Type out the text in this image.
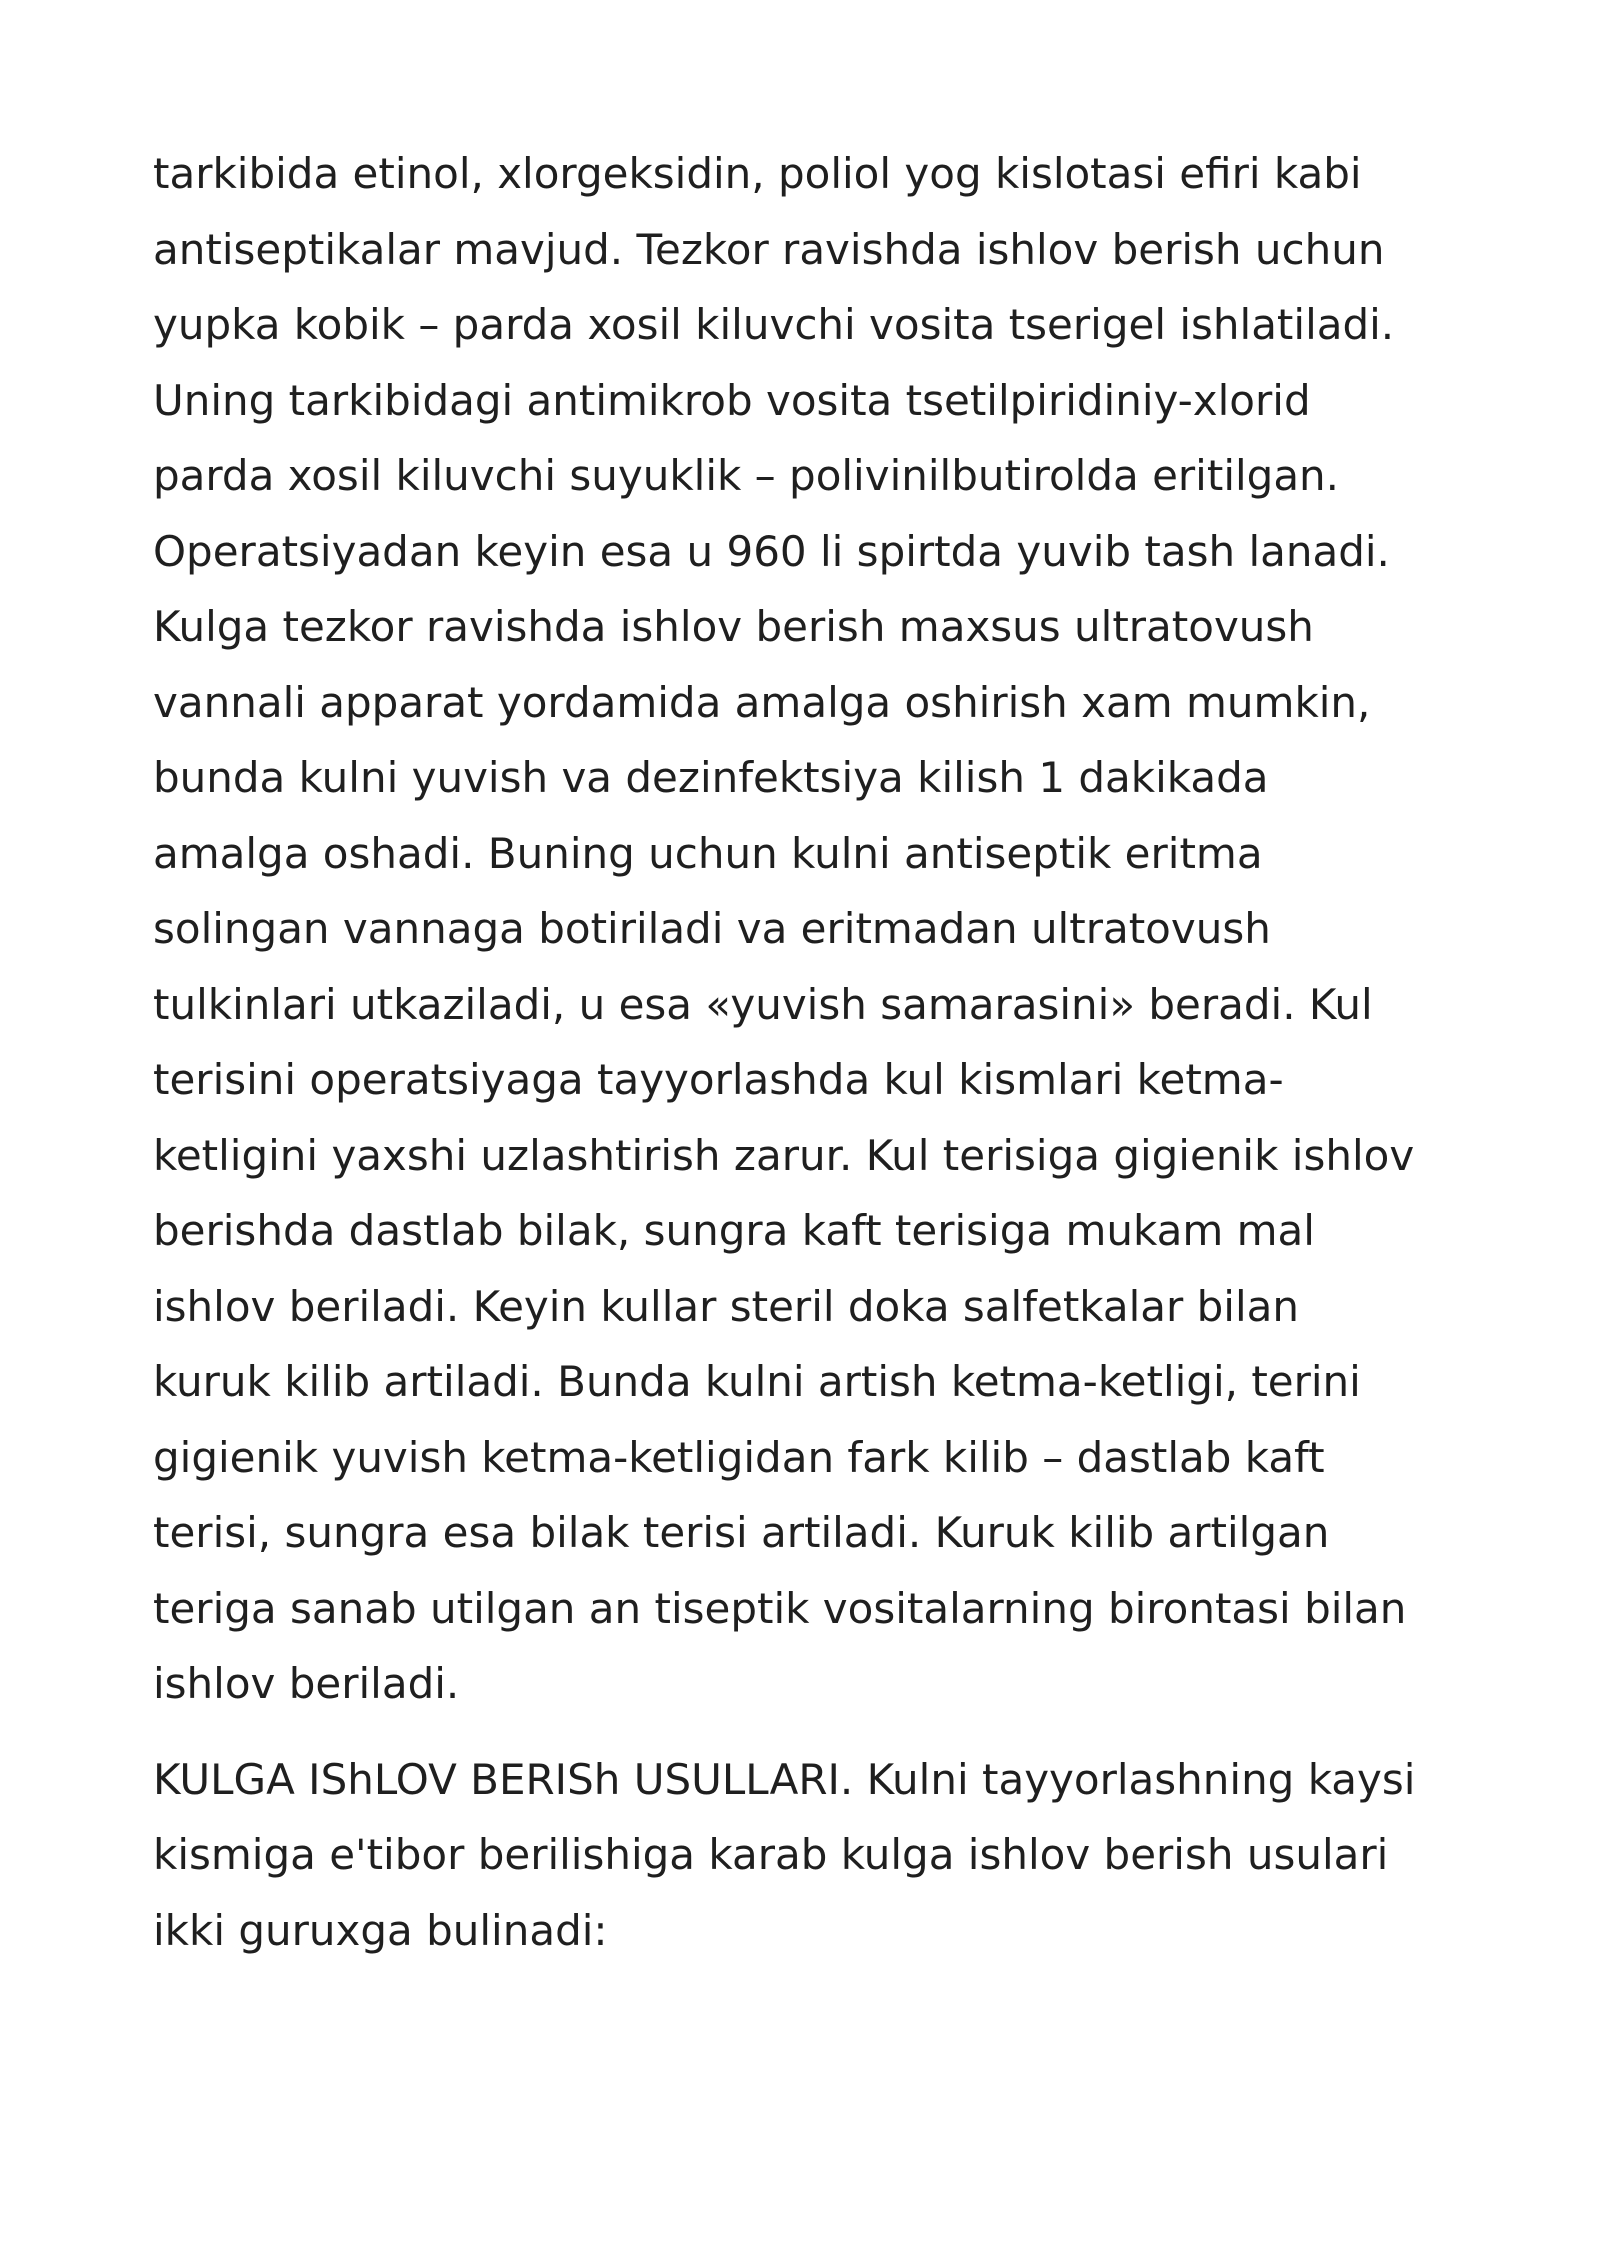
tarkibida etinol, xlorgeksidin, poliol yog kislotasi efiri kabi
antiseptikalar mavjud. Tezkor ravishda ishlov berish uchun
yupka kobik – parda xosil kiluvchi vosita tserigel ishlatiladi.
Uning tarkibidagi antimikrob vosita tsetilpiridiniy-xlorid
parda xosil kiluvchi suyuklik – polivinilbutirolda eritilgan.
Operatsiyadan keyin esa u 960 li spirtda yuvib tash lanadi.
Kulga tezkor ravishda ishlov berish maxsus ultratovush
vannali apparat yordamida amalga oshirish xam mumkin,
bunda kulni yuvish va dezinfektsiya kilish 1 dakikada
amalga oshadi. Buning uchun kulni antiseptik eritma
solingan vannaga botiriladi va eritmadan ultratovush
tulkinlari utkaziladi, u esa «yuvish samarasini» beradi. Kul
terisini operatsiyaga tayyorlashda kul kismlari ketma-
ketligini yaxshi uzlashtirish zarur. Kul terisiga gigienik ishlov
berishda dastlab bilak, sungra kaft terisiga mukam mal
ishlov beriladi. Keyin kullar steril doka salfetkalar bilan
kuruk kilib artiladi. Bunda kulni artish ketma-ketligi, terini
gigienik yuvish ketma-ketligidan fark kilib – dastlab kaft
terisi, sungra esa bilak terisi artiladi. Kuruk kilib artilgan
teriga sanab utilgan an tiseptik vositalarning birontasi bilan
ishlov beriladi.
KULGA IShLOV BERISh USULLARI. Kulni tayyorlashning kaysi
kismiga e'tibor berilishiga karab kulga ishlov berish usulari
ikki guruxga bulinadi:
